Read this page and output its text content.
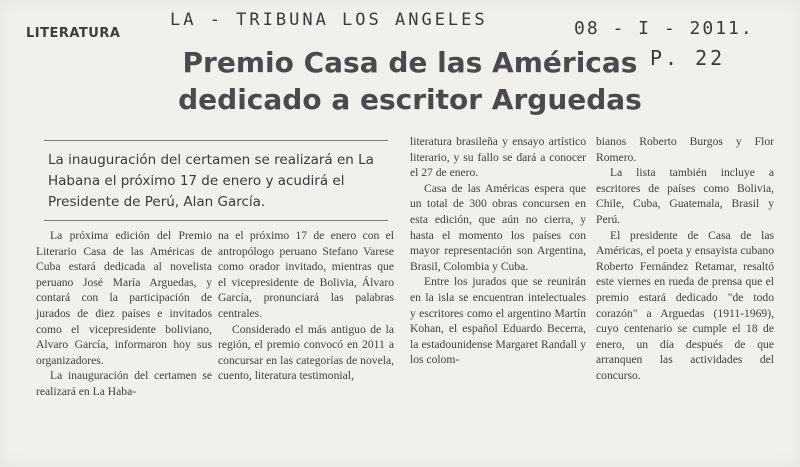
LITERATURA
LA - TRIBUNA LOS ANGELES	08 - I - 2011.
P. 22
Premio Casa de las Américas
dedicado a escritor Arguedas
La inauguración del certamen se realizará en La Habana el próximo 17 de enero y acudirá el Presidente de Perú, Alan García.

La próxima edición del Premio Literario Casa de las Américas de Cuba estará dedicada al novelista peruano José María Arguedas, y contará con la participación de jurados de diez países e invitados como el vicepresidente boliviano, Alvaro García, informaron hoy sus organizadores.

La inauguración del certamen se realizará en La Haba-

na el próximo 17 de enero con el antropólogo peruano Stefano Varese como orador invitado, mientras que el vicepresidente de Bolivia, Álvaro García, pronunciará las palabras centrales.

Considerado el más antiguo de la región, el premio convocó en 2011 a concursar en las categorías de novela, cuento, literatura testimonial,

literatura brasileña y ensayo artístico literario, y su fallo se dará a conocer el 27 de enero.

Casa de las Américas espera que un total de 300 obras concursen en esta edición, que aún no cierra, y hasta el momento los países con mayor representación son Argentina, Brasil, Colombia y Cuba.

Entre los jurados que se reunirán en la isla se encuentran intelectuales y escritores como el argentino Martín Kohan, el español Eduardo Becerra, la estadounidense Margaret Randall y los colom-

bianos Roberto Burgos y Flor Romero.

La lista también incluye a escritores de países como Bolivia, Chile, Cuba, Guatemala, Brasil y Perú.

El presidente de Casa de las Américas, el poeta y ensayista cubano Roberto Fernández Retamar, resaltó este viernes en rueda de prensa que el premio estará dedicado "de todo corazón" a Arguedas (1911-1969), cuyo centenario se cumple el 18 de enero, un día después de que arranquen las actividades del concurso.
